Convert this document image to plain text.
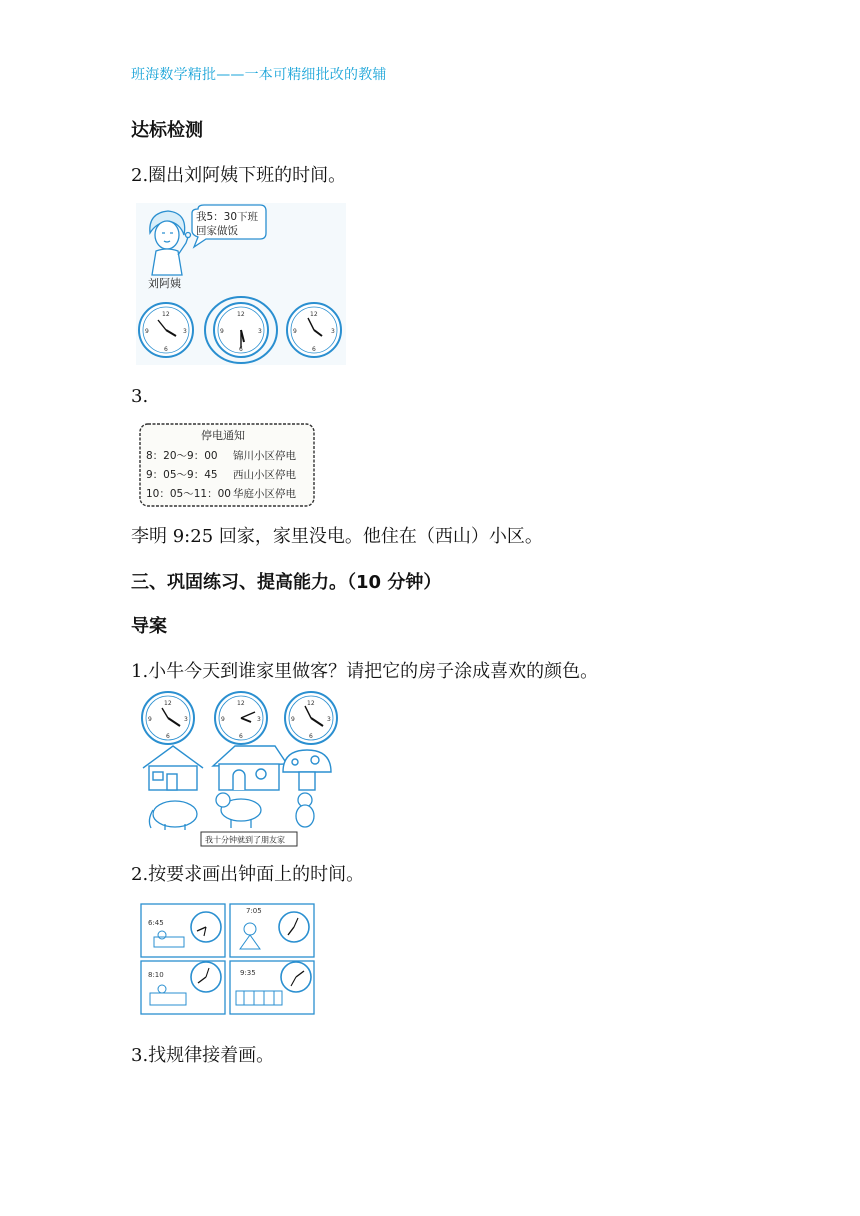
班海数学精批——一本可精细批改的教辅
达标检测
2.圈出刘阿姨下班的时间。
我5：30下班
回家做饭
刘阿姨
12
3
6
9
12
3
6
9
12
3
6
9
3.
停电通知
8：20～9：00 锦川小区停电
9：05～9：45 西山小区停电
10：05～11：00 华庭小区停电
李明 9:25 回家，家里没电。他住在（西山）小区。
三、巩固练习、提高能力。（10 分钟）
导案
1.小牛今天到谁家里做客？请把它的房子涂成喜欢的颜色。
12
3
6
9
12
3
6
9
12
3
6
9
我十分钟就到了朋友家
2.按要求画出钟面上的时间。
6:45
7:05
8:10	9:35
3.找规律接着画。
